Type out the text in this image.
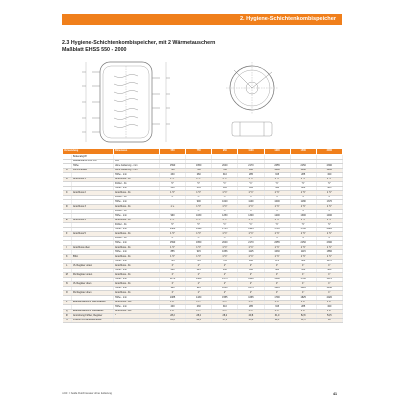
2. Hygiene-Schichtenkombispeicher
2.3 Hygiene-Schichtenkombispeicher, mit 2 Wärmetauschern
Maßblatt EHSS 550 - 2000
Verwendung		Dimension	550	750	950	1100	1300	1500	2000
	Bodenabgriff								
	Wasserfläche 100 mm	mm							
	Höhe	ohne Isolierung - mm	1590	1650	2040	2170	2055	2150	2390
A	Durchmesser	ohne Isolierung - mm	700	790	790	850	1000	1100	1200
		Höhe - mm	230	260	310	285	315	285	320
B	Anschluss 1	Anschluss - IG	1 ½"	1 ½"	1 ½"	1 ½"	1 ½"	1 ½"	1 ½"
		Fühler - IG	½"	½"	½"	½"	½"	½"	½"
		Höhe - mm	310	335	583	632	590	820	905
C	Anschluss 2	Anschluss - IG	1 ½"	1 ½"	1 ½"	1 ½"	1 ½"	1 ½"	1 ½"
		Fühler - IG	½"	½"	½"	½"	½"	½"	½"
		Höhe - mm		900	1020	1100	1000	1180	1370
D	Anschluss 3	Anschluss - IG	n.v.	1 ½"	1 ½"	1 ½"	1 ½"	1 ½"	1 ½"
		Fühler - IG		½"	½"	½"	½"	½"	½"
		Höhe - mm	990	1030	1250	1300	1200	1390	1490
E	Anschluss 4	Anschluss - IG	1 ½"	1 ½"	1 ½"	1 ½"	1 ½"	1 ½"	1 ½"
		Fühler - IG	½"	½"	½"	½"	½"	½"	½"
		Höhe - mm	1380	1490	1715	1905	1710	1790	2020
F	Anschluss 5	Anschluss - IG	1 ½"	1 ½"	1 ½"	1 ½"	1 ½"	1 ½"	1 ½"
		Fühler - IG	½"	½"	½"	½"	½"	½"	½"
		Höhe - mm	1590	1650	2040	2170	2055	2150	2390
I	Anschluss oben	Anschluss - IG	1 ½"	1 ½"	1 ½"	1 ½"	1 ½"	1 ½"	1 ½"
		Höhe - mm	855	915	1056	1115	1030	1115	1850
K	BSA	Anschluss - IG	1 ½"	1 ½"	1 ½"	1 ½"	1 ½"	1 ½"	1 ½"
		Höhe - mm	765	745	735	930	870	920	1170
L	VL Register unten	Anschluss - IG	1"	1"	1"	1"	1"	1"	1"
		Höhe - mm	290	325	330	330	300	450	380
M	RL Register unten	Anschluss - IG	1"	1"	1"	1"	1"	1"	1"
		Höhe - mm	1270	1460	1575	1440	1580	1790	1970
N	VL Register oben	Anschluss - IG	1"	1"	1"	1"	1"	1"	1"
		Höhe - mm	920	945	1210	1275	1295	1410	1440
O	RL Register oben	Anschluss - IG	1"	1"	1"	1"	1"	1"	1"
		Höhe - mm	1085	1430	1555	1665	1790	1825	2020
P	Edelstahlwellrohr Warmwasser	Anschluss - AG	1 ¼"	1 ¼"	1 ¼"	1 ¼"	1 ¼"	1 ¼"	1 ¼"
		Höhe - mm	200	230	310	285	315	285	320
Q	Edelstahlwellrohr Kaltwasser	Anschluss - AG	1 ¼"	1 ¼"	1 ¼"	1 ¼"	1 ¼"	1 ¼"	1 ¼"
R	Anordnung Fühler, Register	°	28,2	28,2	28,2	29,8	31,0	52,8	54,5
S	Position Fühlerleistenleiste	°	16,6	14,5	17,5	15,6	12,1	11,5	10
i.d.R. = beide Durchmesser ohne Isolierung	41
